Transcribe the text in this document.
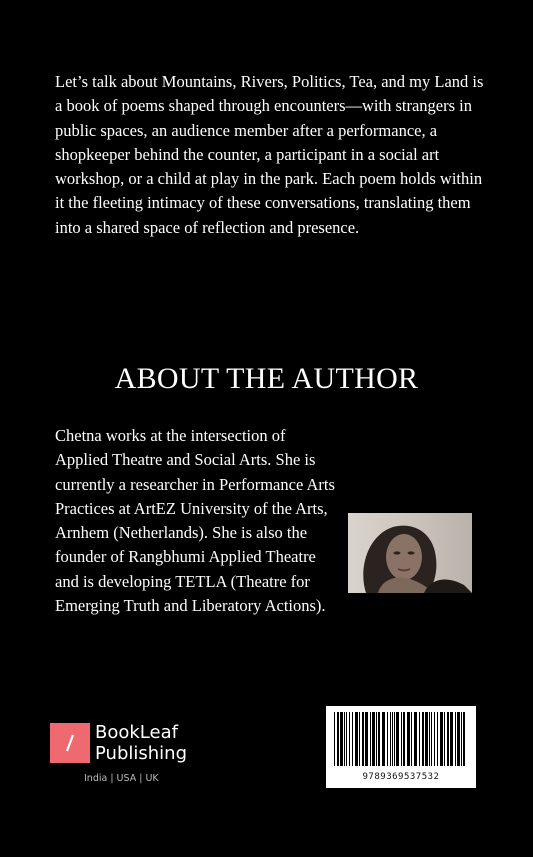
Let’s talk about Mountains, Rivers, Politics, Tea, and my Land is a book of poems shaped through encounters—with strangers in public spaces, an audience member after a performance, a shopkeeper behind the counter, a participant in a social art workshop, or a child at play in the park. Each poem holds within it the fleeting intimacy of these conversations, translating them into a shared space of reflection and presence.

ABOUT THE AUTHOR

Chetna works at the intersection of Applied Theatre and Social Arts. She is currently a researcher in Performance Arts Practices at ArtEZ University of the Arts, Arnhem (Netherlands). She is also the founder of Rangbhumi Applied Theatre and is developing TETLA (Theatre for Emerging Truth and Liberatory Actions).

BookLeaf
Publishing
India | USA | UK	9789369537532
